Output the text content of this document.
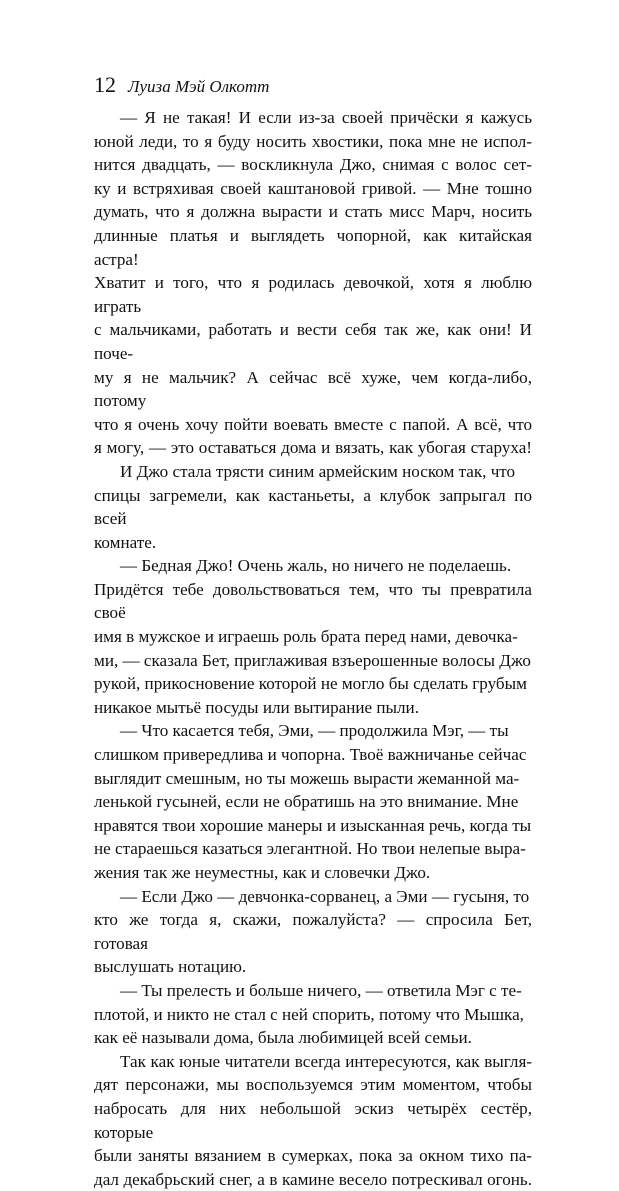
12 Луиза Мэй Олкотт

— Я не такая! И если из-за своей причёски я кажусь
юной леди, то я буду носить хвостики, пока мне не испол-
нится двадцать, — воскликнула Джо, снимая с волос сет-
ку и встряхивая своей каштановой гривой. — Мне тошно
думать, что я должна вырасти и стать мисс Марч, носить
длинные платья и выглядеть чопорной, как китайская астра!
Хватит и того, что я родилась девочкой, хотя я люблю играть
с мальчиками, работать и вести себя так же, как они! И поче-
му я не мальчик? А сейчас всё хуже, чем когда-либо, потому
что я очень хочу пойти воевать вместе с папой. А всё, что
я могу, — это оставаться дома и вязать, как убогая старуха!

И Джо стала трясти синим армейским носком так, что
спицы загремели, как кастаньеты, а клубок запрыгал по всей
комнате.

— Бедная Джо! Очень жаль, но ничего не поделаешь.
Придётся тебе довольствоваться тем, что ты превратила своё
имя в мужское и играешь роль брата перед нами, девочка-
ми, — сказала Бет, приглаживая взъерошенные волосы Джо
рукой, прикосновение которой не могло бы сделать грубым
никакое мытьё посуды или вытирание пыли.

— Что касается тебя, Эми, — продолжила Мэг, — ты
слишком привередлива и чопорна. Твоё важничанье сейчас
выглядит смешным, но ты можешь вырасти жеманной ма-
ленькой гусыней, если не обратишь на это внимание. Мне
нравятся твои хорошие манеры и изысканная речь, когда ты
не стараешься казаться элегантной. Но твои нелепые выра-
жения так же неуместны, как и словечки Джо.

— Если Джо — девчонка-сорванец, а Эми — гусыня, то
кто же тогда я, скажи, пожалуйста? — спросила Бет, готовая
выслушать нотацию.

— Ты прелесть и больше ничего, — ответила Мэг с те-
плотой, и никто не стал с ней спорить, потому что Мышка,
как её называли дома, была любимицей всей семьи.

Так как юные читатели всегда интересуются, как выгля-
дят персонажи, мы воспользуемся этим моментом, чтобы
набросать для них небольшой эскиз четырёх сестёр, которые
были заняты вязанием в сумерках, пока за окном тихо па-
дал декабрьский снег, а в камине весело потрескивал огонь.
